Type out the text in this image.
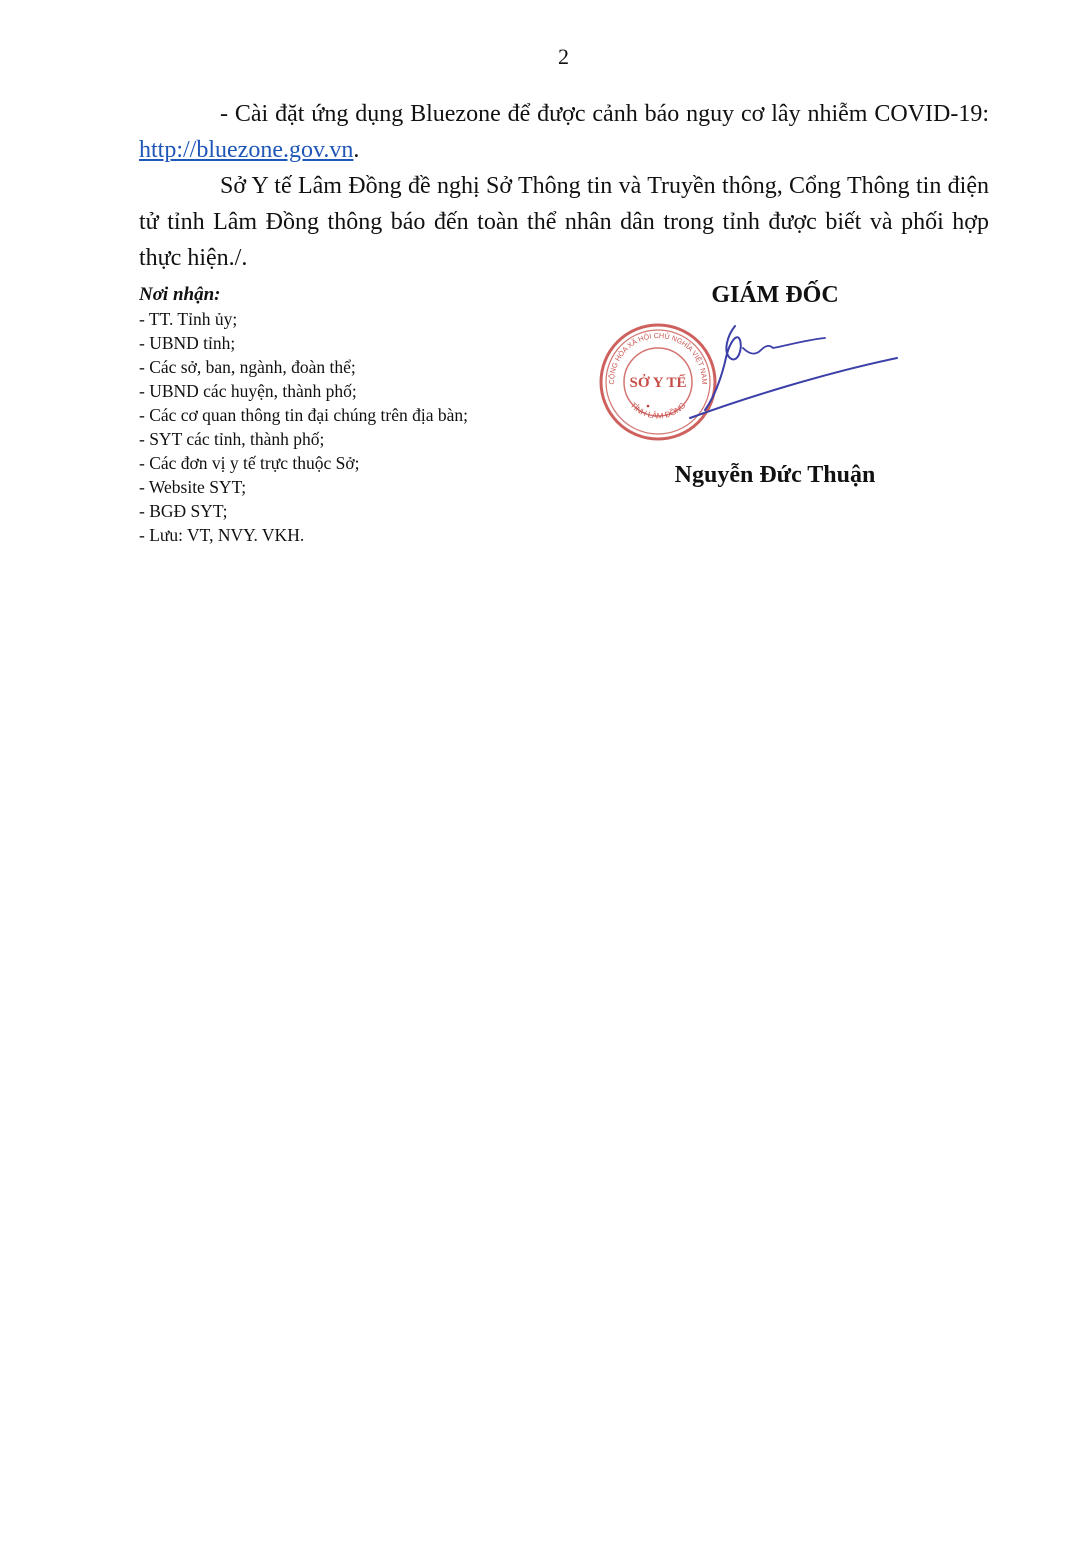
2

- Cài đặt ứng dụng Bluezone để được cảnh báo nguy cơ lây nhiễm COVID-19: http://bluezone.gov.vn.

Sở Y tế Lâm Đồng đề nghị Sở Thông tin và Truyền thông, Cổng Thông tin điện tử tỉnh Lâm Đồng thông báo đến toàn thể nhân dân trong tỉnh được biết và phối hợp thực hiện./.

Nơi nhận:
- TT. Tỉnh ủy;
- UBND tỉnh;
- Các sở, ban, ngành, đoàn thể;
- UBND các huyện, thành phố;
- Các cơ quan thông tin đại chúng trên địa bàn;
- SYT các tỉnh, thành phố;
- Các đơn vị y tế trực thuộc Sở;
- Website SYT;
- BGĐ SYT;
- Lưu: VT, NVY. VKH.
GIÁM ĐỐC
CỘNG HÒA XÃ HỘI CHỦ NGHĨA VIỆT NAM
TỈNH LÂM ĐỒNG
SỞ Y TẾ
Nguyễn Đức Thuận
